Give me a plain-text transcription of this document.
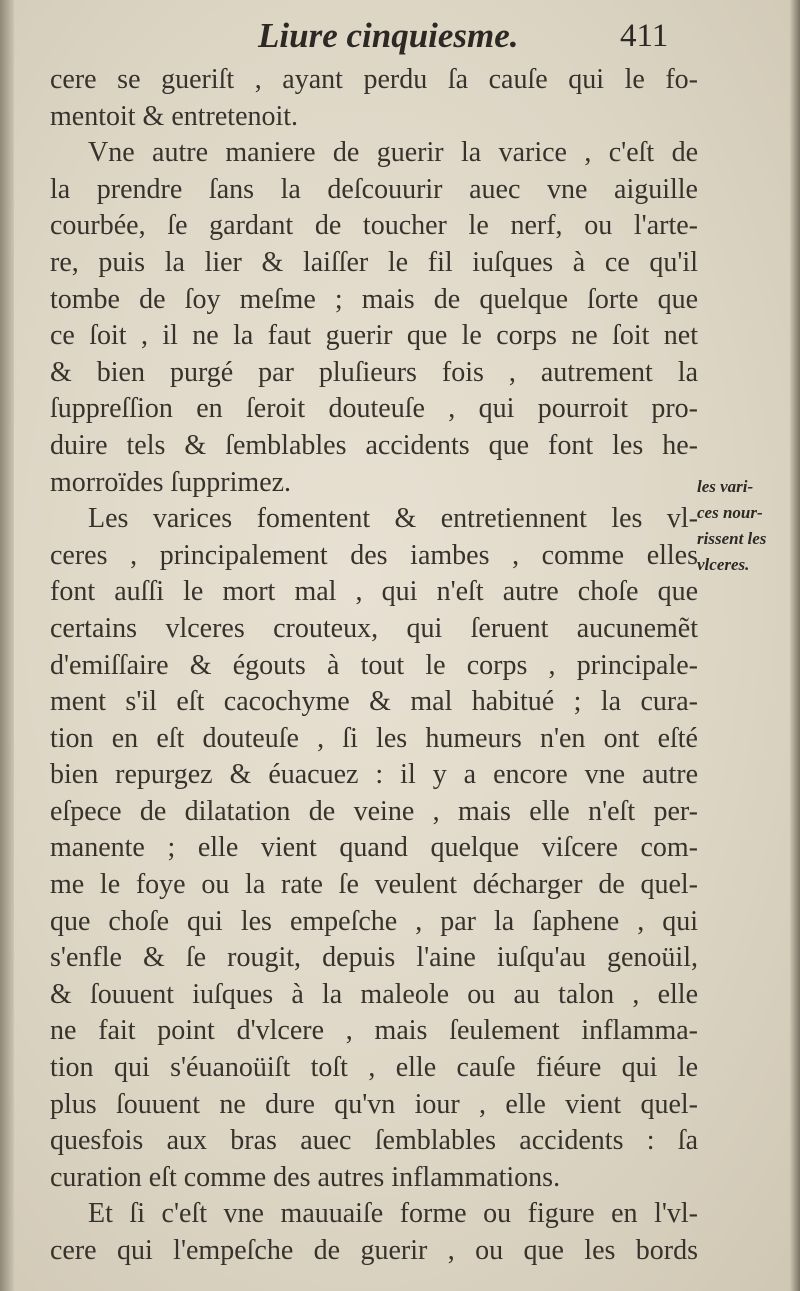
Liure cinquiesme.	411
cere se gueriſt , ayant perdu ſa cauſe qui le fo-
mentoit & entretenoit.
Vne autre maniere de guerir la varice , c'eſt de
la prendre ſans la deſcouurir auec vne aiguille
courbée, ſe gardant de toucher le nerf, ou l'arte-
re, puis la lier & laiſſer le fil iuſques à ce qu'il
tombe de ſoy meſme ; mais de quelque ſorte que
ce ſoit , il ne la faut guerir que le corps ne ſoit net
& bien purgé par pluſieurs fois , autrement la
ſuppreſſion en ſeroit douteuſe , qui pourroit pro-
duire tels & ſemblables accidents que font les he-
morroïdes ſupprimez.
Les varices fomentent & entretiennent les vl-
ceres , principalement des iambes , comme elles
font auſſi le mort mal , qui n'eſt autre choſe que
certains vlceres crouteux, qui ſeruent aucunemẽt
d'emiſſaire & égouts à tout le corps , principale-
ment s'il eſt cacochyme & mal habitué ; la cura-
tion en eſt douteuſe , ſi les humeurs n'en ont eſté
bien repurgez & éuacuez : il y a encore vne autre
eſpece de dilatation de veine , mais elle n'eſt per-
manente ; elle vient quand quelque viſcere com-
me le foye ou la rate ſe veulent décharger de quel-
que choſe qui les empeſche , par la ſaphene , qui
s'enfle & ſe rougit, depuis l'aine iuſqu'au genoüil,
& ſouuent iuſques à la maleole ou au talon , elle
ne fait point d'vlcere , mais ſeulement inflamma-
tion qui s'éuanoüiſt toſt , elle cauſe fiéure qui le
plus ſouuent ne dure qu'vn iour , elle vient quel-
quesfois aux bras auec ſemblables accidents : ſa
curation eſt comme des autres inflammations.
Et ſi c'eſt vne mauuaiſe forme ou figure en l'vl-
cere qui l'empeſche de guerir , ou que les bords
les vari-
ces nour-
rissent les
vlceres.
